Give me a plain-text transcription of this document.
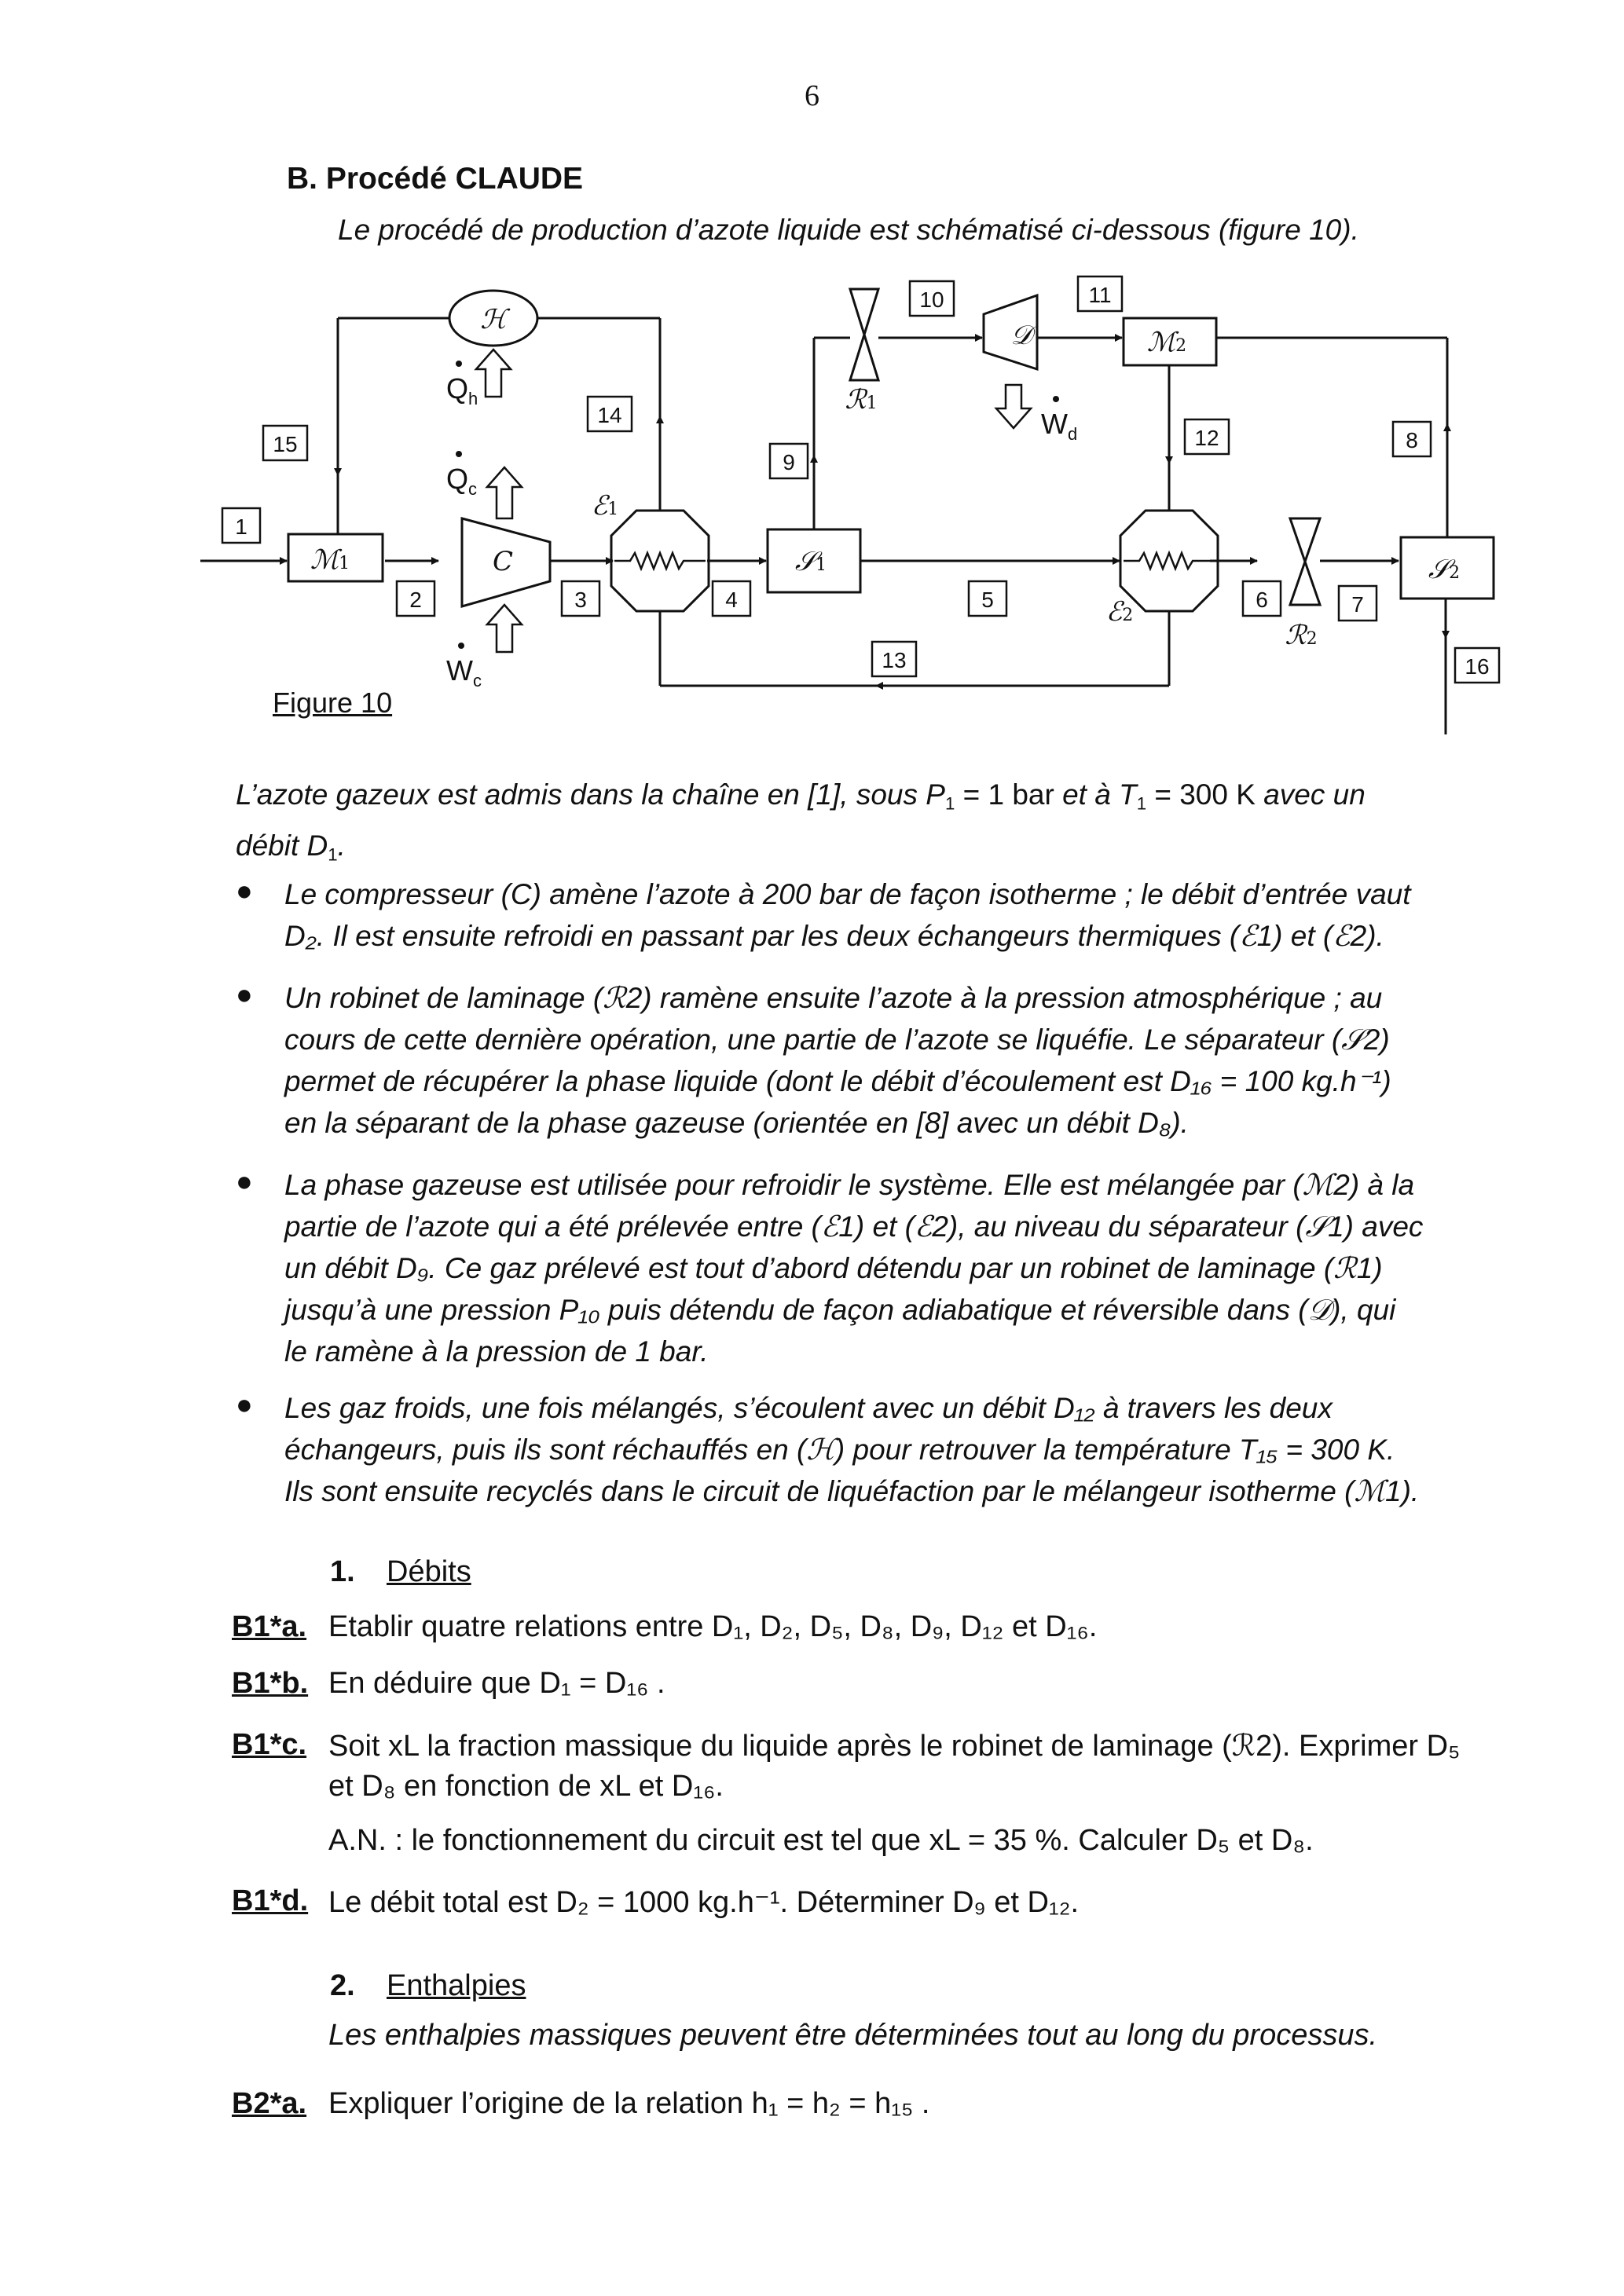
6
B. Procédé CLAUDE
Le procédé de production d’azote liquide est schématisé ci-dessous (figure 10).
1
2	3	4	5	6	7
8
9
10	11
12
13
14
15
16
ℋ
ℳ1	C
ℰ1
𝒮1
ℰ2
𝒮2
𝒟	ℳ2
ℛ1
ℛ2
$Q_h$
$Q_c$
$W_c$
$W_d$
Figure 10
L’azote gazeux est admis dans la chaîne en [1], sous $P_1 = 1$ bar et à $T_1 = 300$ K avec un
débit $D_1$.
● Le compresseur (C) amène l’azote à 200 bar de façon isotherme ; le débit d’entrée vaut
D₂. Il est ensuite refroidi en passant par les deux échangeurs thermiques (ℰ1) et (ℰ2).
● Un robinet de laminage (ℛ2) ramène ensuite l’azote à la pression atmosphérique ; au
cours de cette dernière opération, une partie de l’azote se liquéfie. Le séparateur (𝒮2)
permet de récupérer la phase liquide (dont le débit d’écoulement est D₁₆ = 100 kg.h⁻¹)
en la séparant de la phase gazeuse (orientée en [8] avec un débit D₈).
● La phase gazeuse est utilisée pour refroidir le système. Elle est mélangée par (ℳ2) à la
partie de l’azote qui a été prélevée entre (ℰ1) et (ℰ2), au niveau du séparateur (𝒮1) avec
un débit D₉. Ce gaz prélevé est tout d’abord détendu par un robinet de laminage (ℛ1)
jusqu’à une pression P₁₀ puis détendu de façon adiabatique et réversible dans (𝒟), qui
le ramène à la pression de 1 bar.
● Les gaz froids, une fois mélangés, s’écoulent avec un débit D₁₂ à travers les deux
échangeurs, puis ils sont réchauffés en (ℋ) pour retrouver la température T₁₅ = 300 K.
Ils sont ensuite recyclés dans le circuit de liquéfaction par le mélangeur isotherme (ℳ1).
1. Débits
B1*a. Etablir quatre relations entre D₁, D₂, D₅, D₈, D₉, D₁₂ et D₁₆.
B1*b. En déduire que D₁ = D₁₆ .
B1*c. Soit xL la fraction massique du liquide après le robinet de laminage (ℛ2). Exprimer D₅
et D₈ en fonction de xL et D₁₆.
A.N. : le fonctionnement du circuit est tel que xL = 35 %. Calculer D₅ et D₈.
B1*d. Le débit total est D₂ = 1000 kg.h⁻¹. Déterminer D₉ et D₁₂.
2. Enthalpies
Les enthalpies massiques peuvent être déterminées tout au long du processus.
B2*a. Expliquer l’origine de la relation h₁ = h₂ = h₁₅ .
